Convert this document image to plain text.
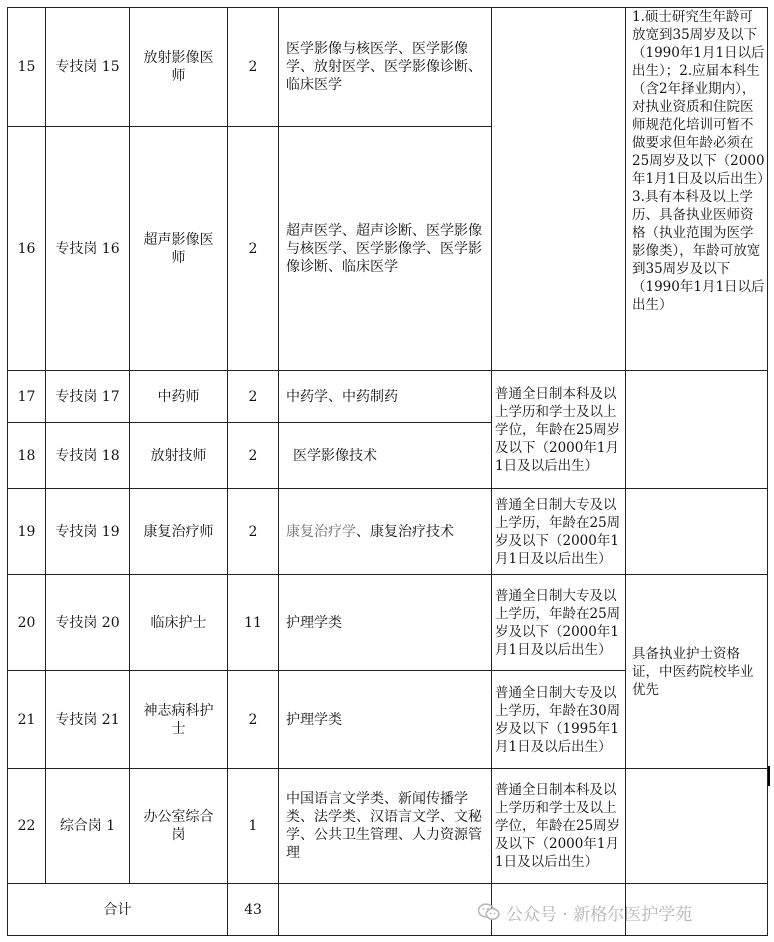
15	专技岗 15	放射影像医师	2	医学影像与核医学、医学影像学、放射医学、医学影像诊断、临床医学		1.硕士研究生年龄可放宽到35周岁及以下（1990年1月1日以后出生）；2.应届本科生（含2年择业期内），对执业资质和住院医师规范化培训可暂不做要求但年龄必须在25周岁及以下（2000年1月1日及以后出生）3.具有本科及以上学历、具备执业医师资格（执业范围为医学影像类），年龄可放宽到35周岁及以下（1990年1月1日以后出生）
16	专技岗 16	超声影像医师	2	超声医学、超声诊断、医学影像与核医学、医学影像学、医学影像诊断、临床医学		
17	专技岗 17	中药师	2	中药学、中药制药	普通全日制本科及以上学历和学士及以上学位，年龄在25周岁及以下（2000年1月1日及以后出生）	
18	专技岗 18	放射技师	2	医学影像技术		
19	专技岗 19	康复治疗师	2	康复治疗学、康复治疗技术	普通全日制大专及以上学历，年龄在25周岁及以下（2000年1月1日及以后出生）	
20	专技岗 20	临床护士	11	护理学类	普通全日制大专及以上学历，年龄在25周岁及以下（2000年1月1日及以后出生）	具备执业护士资格证，中医药院校毕业优先
21	专技岗 21	神志病科护士	2	护理学类	普通全日制大专及以上学历，年龄在30周岁及以下（1995年1月1日及以后出生）	
22	综合岗 1	办公室综合岗	1	中国语言文学类、新闻传播学类、法学类、汉语言文学、文秘学、公共卫生管理、人力资源管理	普通全日制本科及以上学历和学士及以上学位，年龄在25周岁及以下（2000年1月1日及以后出生）	
合计			43				公众号 · 新格尔医护学苑
